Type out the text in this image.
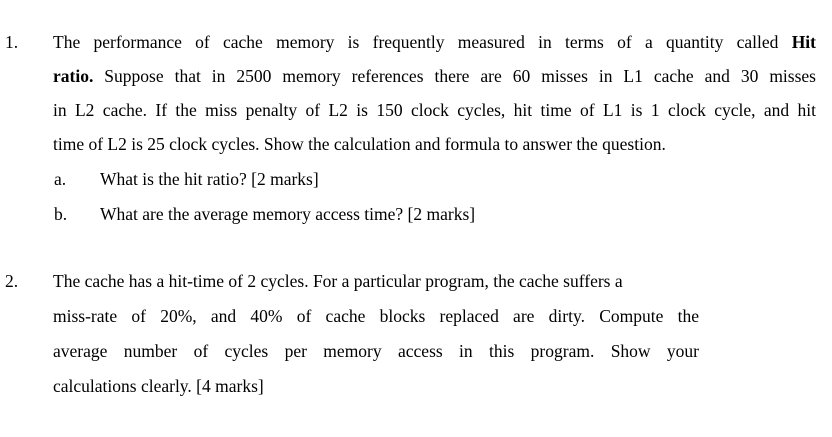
1. The performance of cache memory is frequently measured in terms of a quantity called Hit
ratio. Suppose that in 2500 memory references there are 60 misses in L1 cache and 30 misses
in L2 cache. If the miss penalty of L2 is 150 clock cycles, hit time of L1 is 1 clock cycle, and hit
time of L2 is 25 clock cycles. Show the calculation and formula to answer the question.
a. What is the hit ratio? [2 marks]
b. What are the average memory access time? [2 marks]
2. The cache has a hit-time of 2 cycles. For a particular program, the cache suffers a
miss-rate of 20%, and 40% of cache blocks replaced are dirty. Compute the
average number of cycles per memory access in this program. Show your
calculations clearly. [4 marks]
